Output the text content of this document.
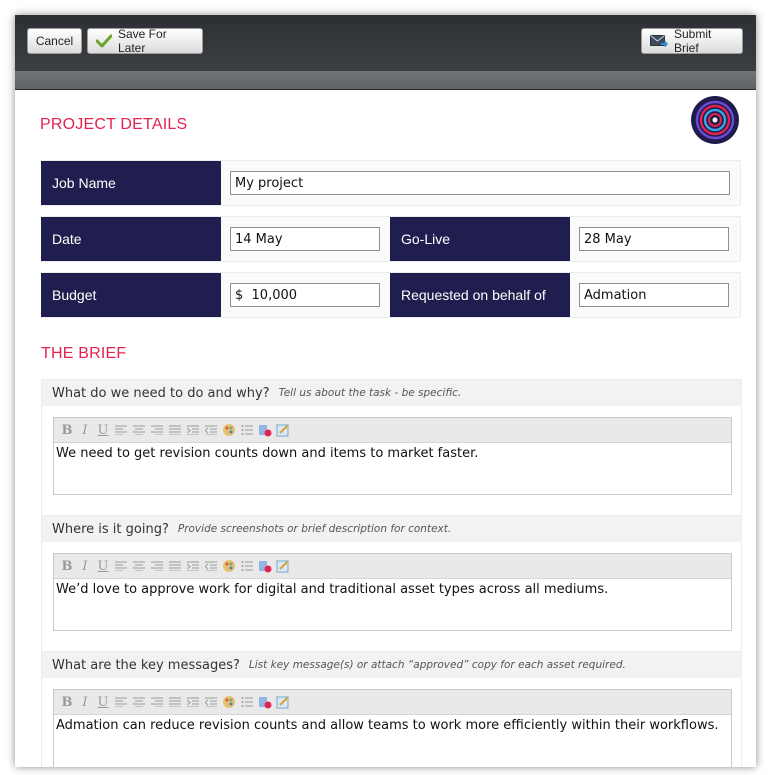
Cancel	Save For Later
Submit Brief
PROJECT DETAILS
Job Name	My project
Date	14 May	Go-Live	28 May
Budget	$  10,000	Requested on behalf of	Admation
THE BRIEF
What do we need to do and why? Tell us about the task - be specific.
B I U
We need to get revision counts down and items to market faster.
Where is it going? Provide screenshots or brief description for context.
B I U
We’d love to approve work for digital and traditional asset types across all mediums.
What are the key messages? List key message(s) or attach “approved” copy for each asset required.
B I U
Admation can reduce revision counts and allow teams to work more efficiently within their workflows.
